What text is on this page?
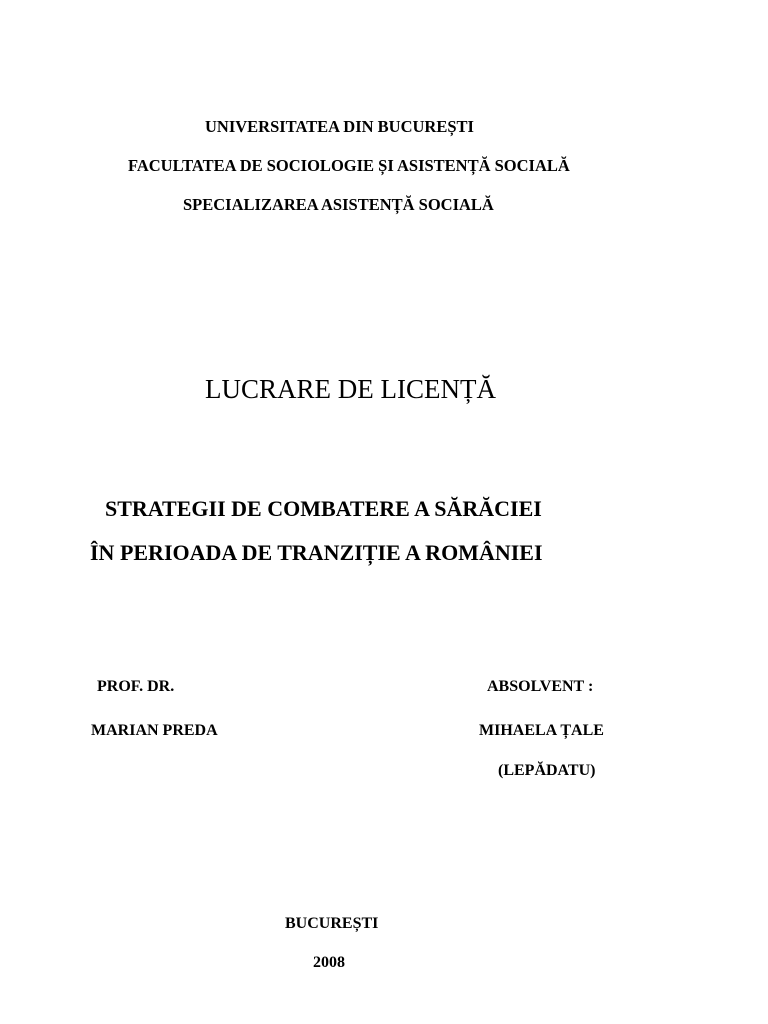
UNIVERSITATEA DIN BUCUREȘTI
FACULTATEA DE SOCIOLOGIE ȘI ASISTENȚĂ SOCIALĂ
SPECIALIZAREA ASISTENȚĂ SOCIALĂ
LUCRARE DE LICENȚĂ
STRATEGII DE COMBATERE A SĂRĂCIEI
ÎN PERIOADA DE TRANZIȚIE A ROMÂNIEI
PROF. DR.
MARIAN PREDA
ABSOLVENT :
MIHAELA ȚALE
(LEPĂDATU)
BUCUREȘTI
2008
